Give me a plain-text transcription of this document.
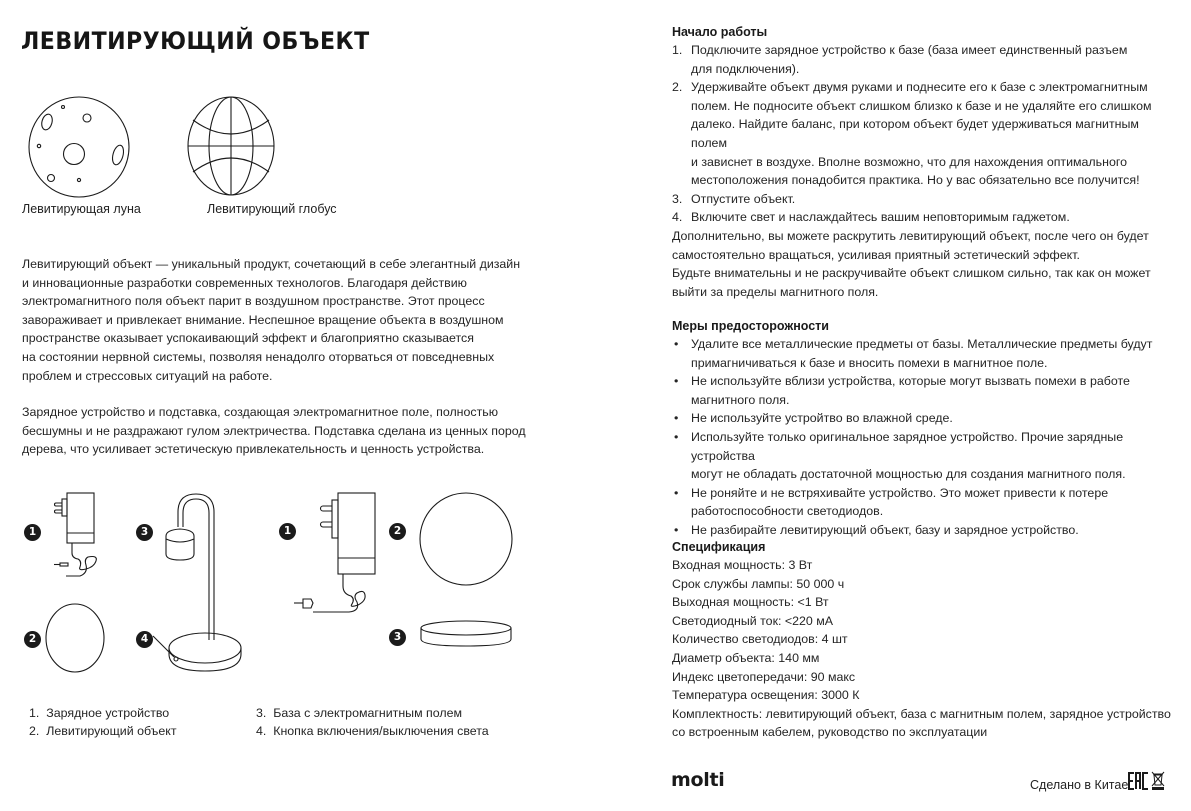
ЛЕВИТИРУЮЩИЙ ОБЪЕКТ
Левитирующая луна	Левитирующий глобус

Левитирующий объект — уникальный продукт, сочетающий в себе элегантный дизайн

и инновационные разработки современных технологов. Благодаря действию

электромагнитного поля объект парит в воздушном пространстве. Этот процесс

завораживает и привлекает внимание. Неспешное вращение объекта в воздушном

пространстве оказывает успокаивающий эффект и благоприятно сказывается

на состоянии нервной системы, позволяя ненадолго оторваться от повседневных

проблем и стрессовых ситуаций на работе.

Зарядное устройство и подставка, создающая электромагнитное поле, полностью

бесшумны и не раздражают гулом электричества. Подставка сделана из ценных пород

дерева, что усиливает эстетическую привлекательность и ценность устройства.

1
2
3
4
1	2
3
1. Зарядное устройство
2. Левитирующий объект
3. База с электромагнитным полем
4. Кнопка включения/выключения света
Начало работы
1. Подключите зарядное устройство к базе (база имеет единственный разъем
для подключения).
2. Удерживайте объект двумя руками и поднесите его к базе с электромагнитным
полем. Не подносите объект слишком близко к базе и не удаляйте его слишком
далеко. Найдите баланс, при котором объект будет удерживаться магнитным полем
и зависнет в воздухе. Вполне возможно, что для нахождения оптимального
местоположения понадобится практика. Но у вас обязательно все получится!
3. Отпустите объект.
4. Включите свет и наслаждайтесь вашим неповторимым гаджетом.

Дополнительно, вы можете раскрутить левитирующий объект, после чего он будет

самостоятельно вращаться, усиливая приятный эстетический эффект.

Будьте внимательны и не раскручивайте объект слишком сильно, так как он может

выйти за пределы магнитного поля.

Меры предосторожности
• Удалите все металлические предметы от базы. Металлические предметы будут
примагничиваться к базе и вносить помехи в магнитное поле.
• Не используйте вблизи устройства, которые могут вызвать помехи в работе
магнитного поля.
• Не используйте устройтво во влажной среде.
• Используйте только оригинальное зарядное устройство. Прочие зарядные устройства
могут не обладать достаточной мощностью для создания магнитного поля.
• Не роняйте и не встряхивайте устройство. Это может привести к потере
работоспособности светодиодов.
• Не разбирайте левитирующий объект, базу и зарядное устройство.
Спецификация

Входная мощность: 3 Вт

Срок службы лампы: 50 000 ч

Выходная мощность: <1 Вт

Светодиодный ток: <220 мА

Количество светодиодов: 4 шт

Диаметр объекта: 140 мм

Индекс цветопередачи: 90 макс

Температура освещения: 3000 К

Комплектность: левитирующий объект, база с магнитным полем, зарядное устройство

со встроенным кабелем, руководство по эксплуатации

molti	Сделано в Китае
